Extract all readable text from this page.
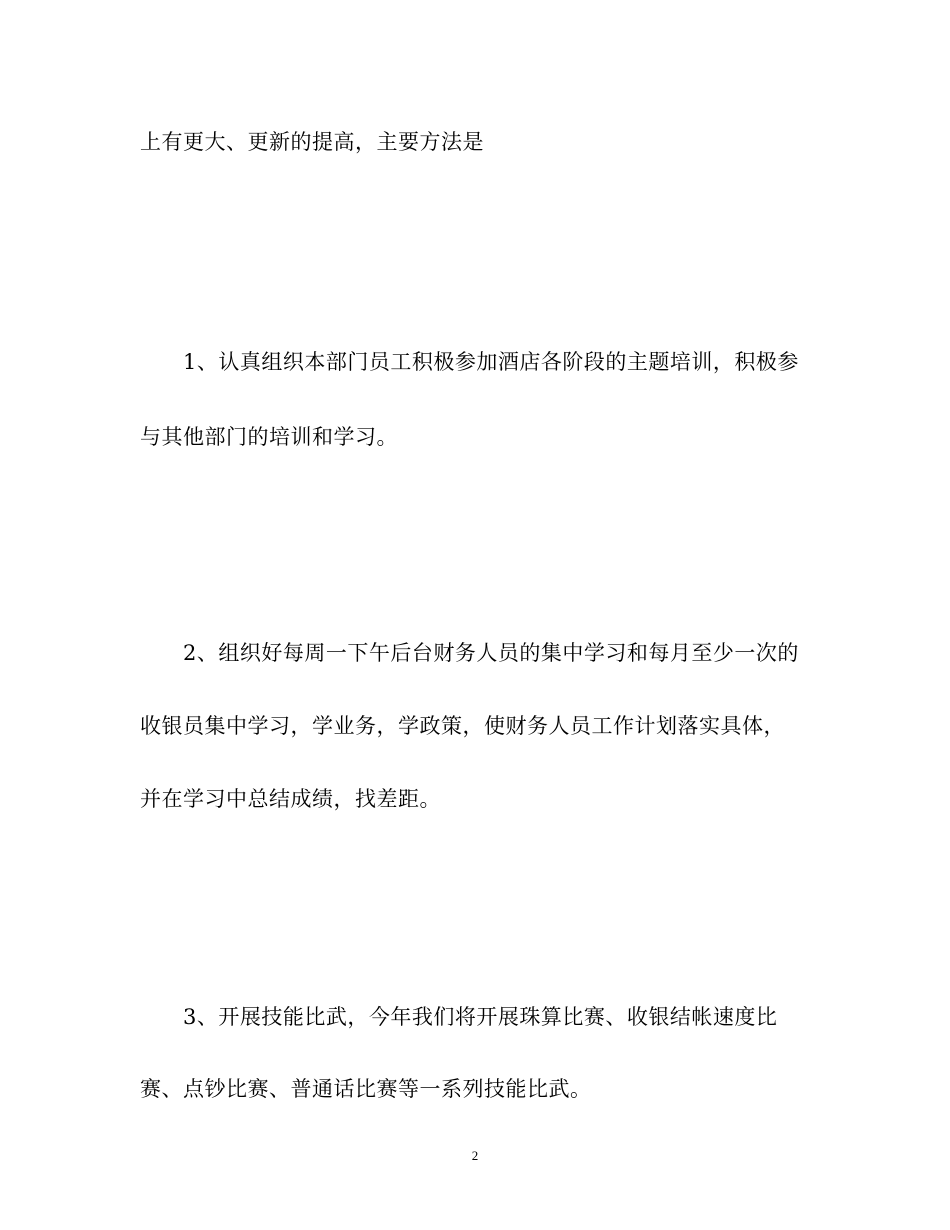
上有更大、更新的提高，主要方法是
1、认真组织本部门员工积极参加酒店各阶段的主题培训，积极参
与其他部门的培训和学习。
2、组织好每周一下午后台财务人员的集中学习和每月至少一次的
收银员集中学习，学业务，学政策，使财务人员工作计划落实具体，
并在学习中总结成绩，找差距。
3、开展技能比武，今年我们将开展珠算比赛、收银结帐速度比
赛、点钞比赛、普通话比赛等一系列技能比武。
2
